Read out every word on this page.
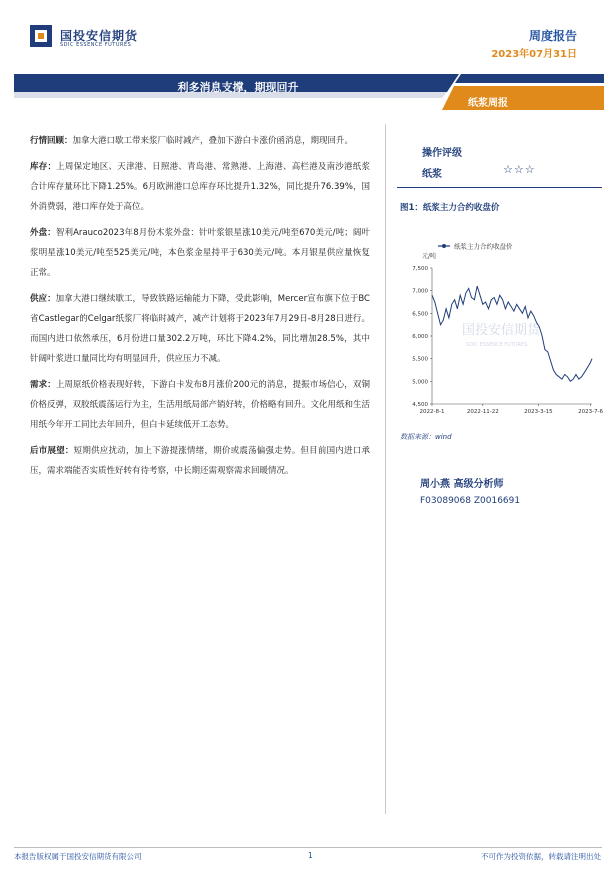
国投安信期货
SDIC ESSENCE FUTURES
周度报告
2023年07月31日
利多消息支撑，期现回升
纸浆周报

行情回顾：加拿大港口歇工带来浆厂临时减产，叠加下游白卡涨价函消息，期现回升。

库存：上周保定地区、天津港、日照港、青岛港、常熟港、上海港、高栏港及南沙港纸浆合计库存量环比下降1.25%。6月欧洲港口总库存环比提升1.32%，同比提升76.39%，国外消费弱，港口库存处于高位。

外盘：智利Arauco2023年8月份木浆外盘：针叶浆银星涨10美元/吨至670美元/吨；阔叶浆明星涨10美元/吨至525美元/吨，本色浆金星持平于630美元/吨。本月银星供应量恢复正常。

供应：加拿大港口继续歇工，导致铁路运输能力下降，受此影响，Mercer宣布旗下位于BC省Castlegar的Celgar纸浆厂将临时减产，减产计划将于2023年7月29日-8月28日进行。而国内进口依然承压，6月份进口量302.2万吨，环比下降4.2%，同比增加28.5%，其中针阔叶浆进口量同比均有明显回升，供应压力不减。

需求：上周原纸价格表现好转，下游白卡发布8月涨价200元的消息，提振市场信心，双铜价格反弹，双胶纸震荡运行为主，生活用纸局部产销好转，价格略有回升。文化用纸和生活用纸今年开工同比去年回升，但白卡延续低开工态势。

后市展望：短期供应扰动，加上下游提涨情绪，期价或震荡偏强走势。但目前国内进口承压，需求端能否实质性好转有待考察，中长期还需观察需求回暖情况。

操作评级
纸浆	☆☆☆
图1：纸浆主力合约收盘价
国投安信期货
SDIC ESSENCE FUTURES
4,500
5,000
5,500
6,000
6,500
7,000
7,500
2022-8-1	2022-11-22	2023-3-15	2023-7-6
元/吨
纸浆主力合约收盘价
数据来源：wind
周小燕 高级分析师
F03089068 Z0016691
本报告版权属于国投安信期货有限公司	1	不可作为投资依据，转载请注明出处
